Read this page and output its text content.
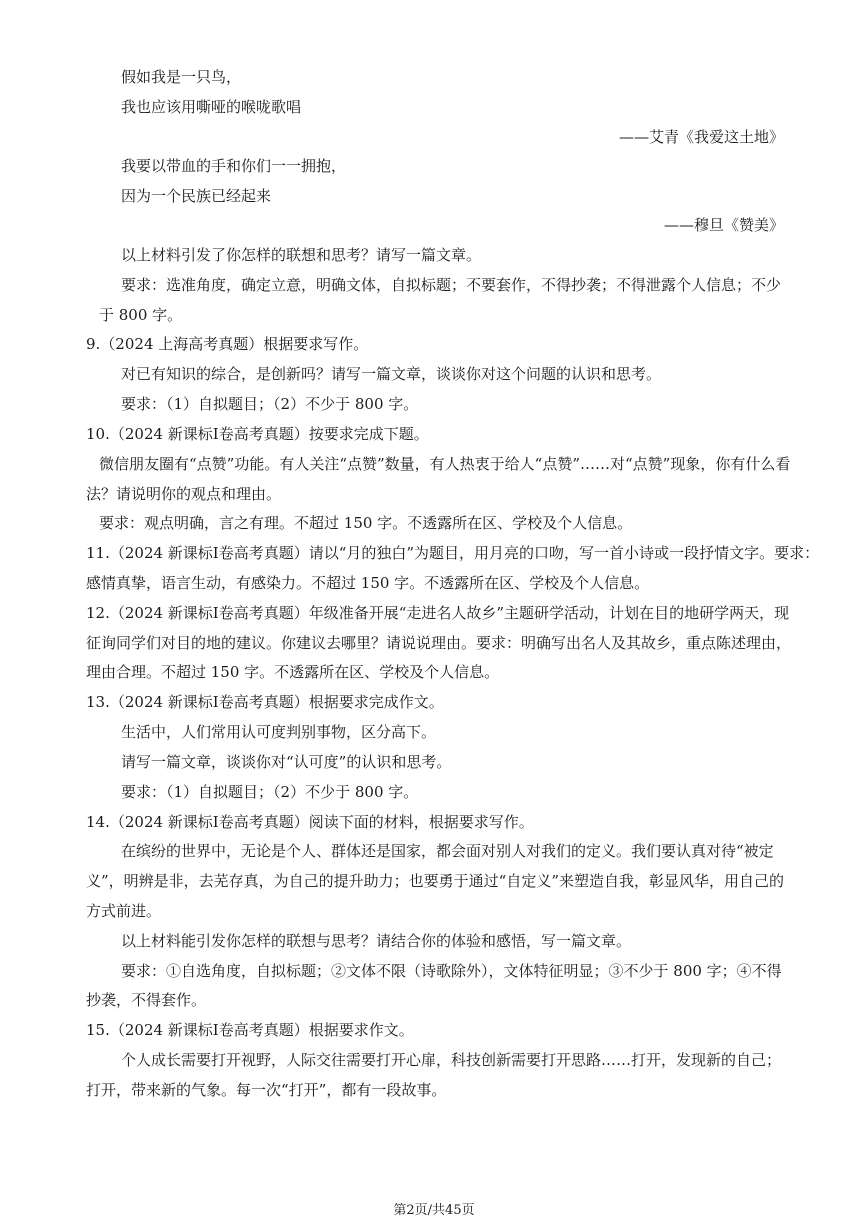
假如我是一只鸟，
我也应该用嘶哑的喉咙歌唱
——艾青《我爱这土地》
我要以带血的手和你们一一拥抱，
因为一个民族已经起来
——穆旦《赞美》
以上材料引发了你怎样的联想和思考？请写一篇文章。
要求：选准角度，确定立意，明确文体，自拟标题；不要套作，不得抄袭；不得泄露个人信息；不少
于 800 字。
9.（2024 上海高考真题）根据要求写作。
对已有知识的综合，是创新吗？请写一篇文章，谈谈你对这个问题的认识和思考。
要求：（1）自拟题目；（2）不少于 800 字。
10.（2024 新课标I卷高考真题）按要求完成下题。
微信朋友圈有“点赞”功能。有人关注“点赞”数量，有人热衷于给人“点赞”……对“点赞”现象，你有什么看
法？请说明你的观点和理由。
要求：观点明确，言之有理。不超过 150 字。不透露所在区、学校及个人信息。
11.（2024 新课标I卷高考真题）请以“月的独白”为题目，用月亮的口吻，写一首小诗或一段抒情文字。要求：
感情真挚，语言生动，有感染力。不超过 150 字。不透露所在区、学校及个人信息。
12.（2024 新课标I卷高考真题）年级准备开展“走进名人故乡”主题研学活动，计划在目的地研学两天，现
征询同学们对目的地的建议。你建议去哪里？请说说理由。要求：明确写出名人及其故乡，重点陈述理由，
理由合理。不超过 150 字。不透露所在区、学校及个人信息。
13.（2024 新课标I卷高考真题）根据要求完成作文。
生活中，人们常用认可度判别事物，区分高下。
请写一篇文章，谈谈你对“认可度”的认识和思考。
要求：（1）自拟题目；（2）不少于 800 字。
14.（2024 新课标I卷高考真题）阅读下面的材料，根据要求写作。
在缤纷的世界中，无论是个人、群体还是国家，都会面对别人对我们的定义。我们要认真对待“被定
义”，明辨是非，去芜存真，为自己的提升助力；也要勇于通过“自定义”来塑造自我，彰显风华，用自己的
方式前进。
以上材料能引发你怎样的联想与思考？请结合你的体验和感悟，写一篇文章。
要求：①自选角度，自拟标题；②文体不限（诗歌除外），文体特征明显；③不少于 800 字；④不得
抄袭，不得套作。
15.（2024 新课标I卷高考真题）根据要求作文。
个人成长需要打开视野，人际交往需要打开心扉，科技创新需要打开思路……打开，发现新的自己；
打开，带来新的气象。每一次“打开”，都有一段故事。
第2页/共45页
